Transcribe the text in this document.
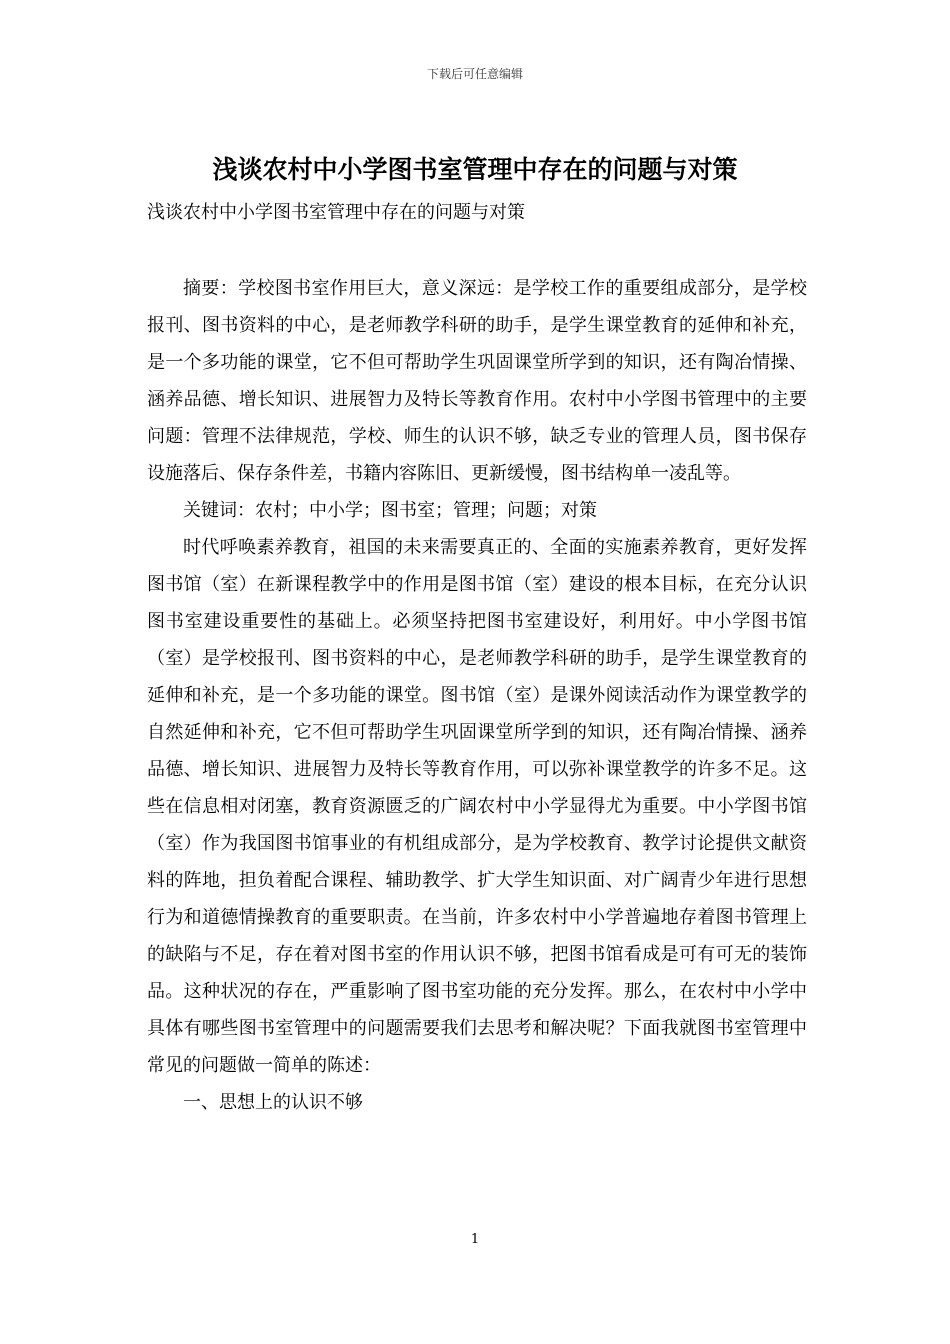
下载后可任意编辑
浅谈农村中小学图书室管理中存在的问题与对策
浅谈农村中小学图书室管理中存在的问题与对策

摘要：学校图书室作用巨大，意义深远：是学校工作的重要组成部分，是学校报刊、图书资料的中心，是老师教学科研的助手，是学生课堂教育的延伸和补充，是一个多功能的课堂，它不但可帮助学生巩固课堂所学到的知识，还有陶冶情操、涵养品德、增长知识、进展智力及特长等教育作用。农村中小学图书管理中的主要问题：管理不法律规范，学校、师生的认识不够，缺乏专业的管理人员，图书保存设施落后、保存条件差，书籍内容陈旧、更新缓慢，图书结构单一凌乱等。

关键词：农村；中小学；图书室；管理；问题；对策

时代呼唤素养教育，祖国的未来需要真正的、全面的实施素养教育，更好发挥图书馆（室）在新课程教学中的作用是图书馆（室）建设的根本目标，在充分认识图书室建设重要性的基础上。必须坚持把图书室建设好，利用好。中小学图书馆（室）是学校报刊、图书资料的中心，是老师教学科研的助手，是学生课堂教育的延伸和补充，是一个多功能的课堂。图书馆（室）是课外阅读活动作为课堂教学的自然延伸和补充，它不但可帮助学生巩固课堂所学到的知识，还有陶冶情操、涵养品德、增长知识、进展智力及特长等教育作用，可以弥补课堂教学的许多不足。这些在信息相对闭塞，教育资源匮乏的广阔农村中小学显得尤为重要。中小学图书馆（室）作为我国图书馆事业的有机组成部分，是为学校教育、教学讨论提供文献资料的阵地，担负着配合课程、辅助教学、扩大学生知识面、对广阔青少年进行思想行为和道德情操教育的重要职责。在当前，许多农村中小学普遍地存着图书管理上的缺陷与不足，存在着对图书室的作用认识不够，把图书馆看成是可有可无的装饰品。这种状况的存在，严重影响了图书室功能的充分发挥。那么，在农村中小学中具体有哪些图书室管理中的问题需要我们去思考和解决呢？下面我就图书室管理中常见的问题做一简单的陈述：

一、思想上的认识不够

1
